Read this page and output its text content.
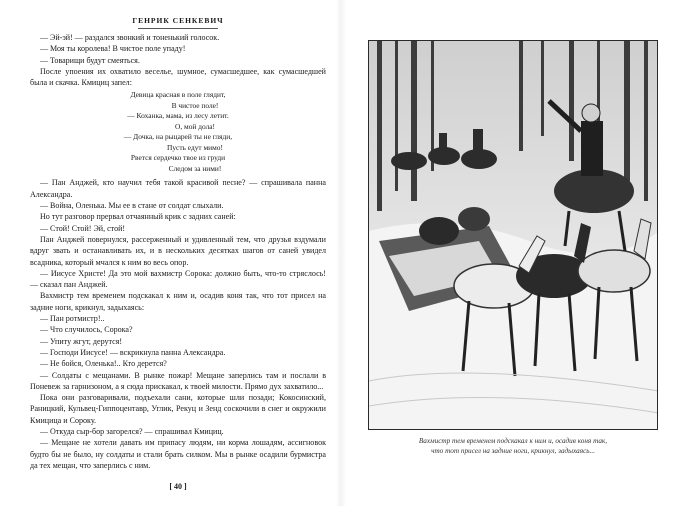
ГЕНРИК СЕНКЕВИЧ

— Эй-эй! — раздался звонкий и тоненький голосок.

— Моя ты королева! В чистое поле упаду!

— Товарищи будут смеяться.

После упоения их охватило веселье, шумное, сумасшедшее, как сумасшедшей была и скачка. Кмициц запел:

Девица красная в поле глядит,
В чистое поле!
— Коханка, мама, из лесу летит.
О, мой дола!
— Дочка, на рыцарей ты не гляди,
Пусть едут мимо!
Рвется сердечко твое из груди
Следом за ними!

— Пан Анджей, кто научил тебя такой красивой песне? — спрашивала панна Александра.

— Война, Оленька. Мы ее в стане от солдат слыхали.

Но тут разговор прервал отчаянный крик с задних саней:

— Стой! Стой! Эй, стой!

Пан Анджей повернулся, рассерженный и удивленный тем, что друзья вздумали вдруг звать и останавливать их, и в нескольких десятках шагов от саней увидел всадника, который мчался к ним во весь опор.

— Иисусе Христе! Да это мой вахмистр Сорока: должно быть, что-то стряслось! — сказал пан Анджей.

Вахмистр тем временем подскакал к ним и, осадив коня так, что тот присел на задние ноги, крикнул, задыхаясь:

— Пан ротмистр!..

— Что случилось, Сорока?

— Упиту жгут, дерутся!

— Господи Иисусе! — вскрикнула панна Александра.

— Не бойся, Оленька!.. Кто дерется?

— Солдаты с мещанами. В рынке пожар! Мещане заперлись там и послали в Поневеж за гарнизоном, а я сюда прискакал, к твоей милости. Прямо дух захватило...

Пока они разговаривали, подъехали сани, которые шли позади; Кокосинский, Раницкий, Кульвец-Гиппоцентавр, Углик, Рекуц и Зенд соскочили в снег и окружили Кмицица и Сороку.

— Откуда сыр-бор загорелся? — спрашивал Кмициц.

— Мещане не хотели давать им припасу людям, ни корма лошадям, ассигновок будто бы не было, ну солдаты и стали брать силком. Мы в рынке осадили бурмистра да тех мещан, что заперлись с ним.

[ 40 ]
Вахмистр тем временем подскакал к ним и, осадив коня так,
что тот присел на задние ноги, крикнул, задыхаясь...
